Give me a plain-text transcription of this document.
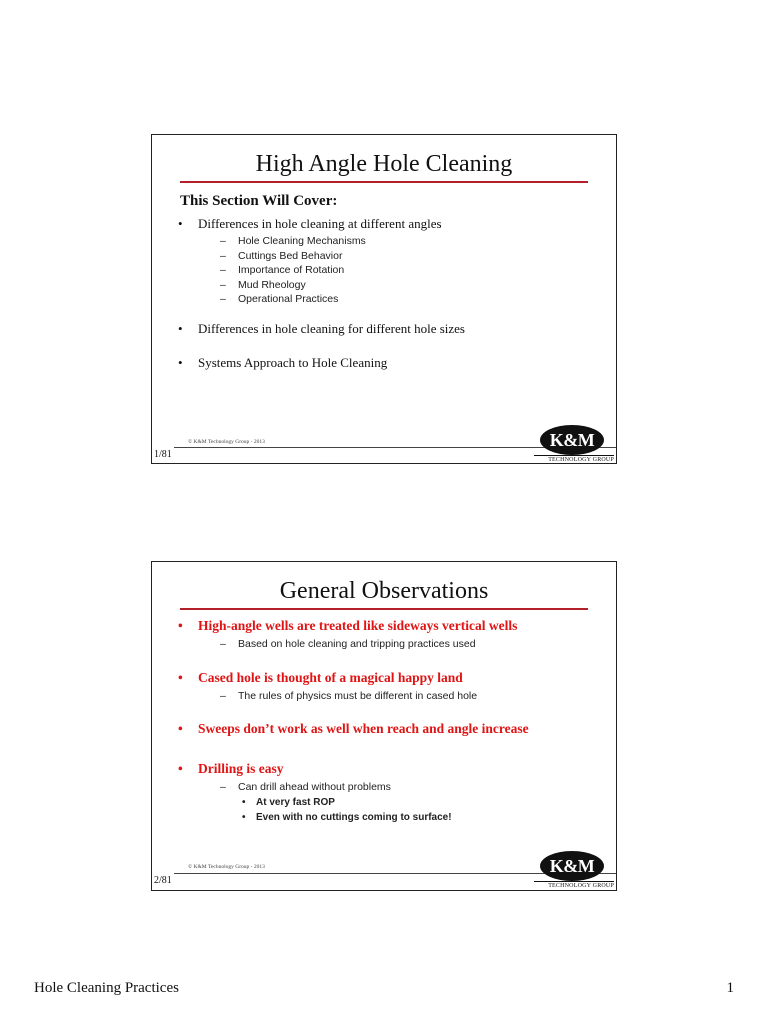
High Angle Hole Cleaning
This Section Will Cover:
• Differences in hole cleaning at different angles
– Hole Cleaning Mechanisms
– Cuttings Bed Behavior
– Importance of Rotation
– Mud Rheology
– Operational Practices
• Differences in hole cleaning for different hole sizes
• Systems Approach to Hole Cleaning
© K&M Technology Group - 2013
1/81
K&M
TECHNOLOGY GROUP
General Observations
• High-angle wells are treated like sideways vertical wells
– Based on hole cleaning and tripping practices used
• Cased hole is thought of a magical happy land
– The rules of physics must be different in cased hole
• Sweeps don’t work as well when reach and angle increase
• Drilling is easy
– Can drill ahead without problems
• At very fast ROP
• Even with no cuttings coming to surface!
© K&M Technology Group - 2013
2/81
K&M
TECHNOLOGY GROUP
Hole Cleaning Practices	1
